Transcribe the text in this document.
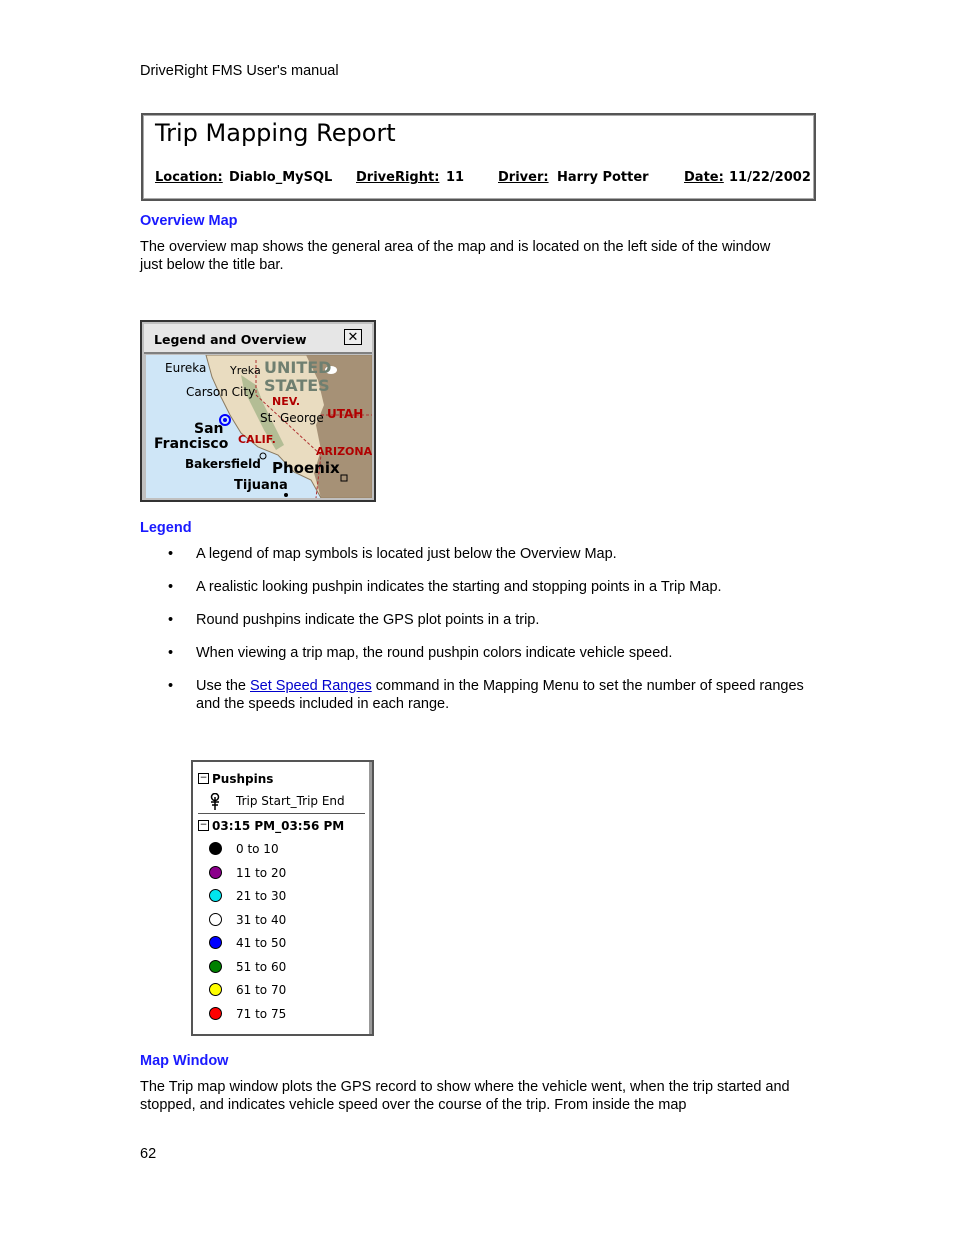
DriveRight FMS User's manual
Trip Mapping Report
Location: Diablo_MySQL DriveRight: 11	Driver: Harry Potter	Date: 11/22/2002
Overview Map

The overview map shows the general area of the map and is located on the left side of the window just below the title bar.

Legend and Overview	✕
Eureka Yreka UNITED
STATES
Carson City
NEV.
St. George UTAH
San
Francisco CALIF.
ARIZONA
Bakersfield Phoenix
Tijuana
Legend
• A legend of map symbols is located just below the Overview Map.
• A realistic looking pushpin indicates the starting and stopping points in a Trip Map.
• Round pushpins indicate the GPS plot points in a trip.
• When viewing a trip map, the round pushpin colors indicate vehicle speed.
• Use the Set Speed Ranges command in the Mapping Menu to set the number of speed ranges and the speeds included in each range.
− Pushpins
Trip Start_Trip End
− 03:15 PM_03:56 PM
0 to 10
11 to 20
21 to 30
31 to 40
41 to 50
51 to 60
61 to 70
71 to 75
Map Window

The Trip map window plots the GPS record to show where the vehicle went, when the trip started and stopped, and indicates vehicle speed over the course of the trip. From inside the map

62
